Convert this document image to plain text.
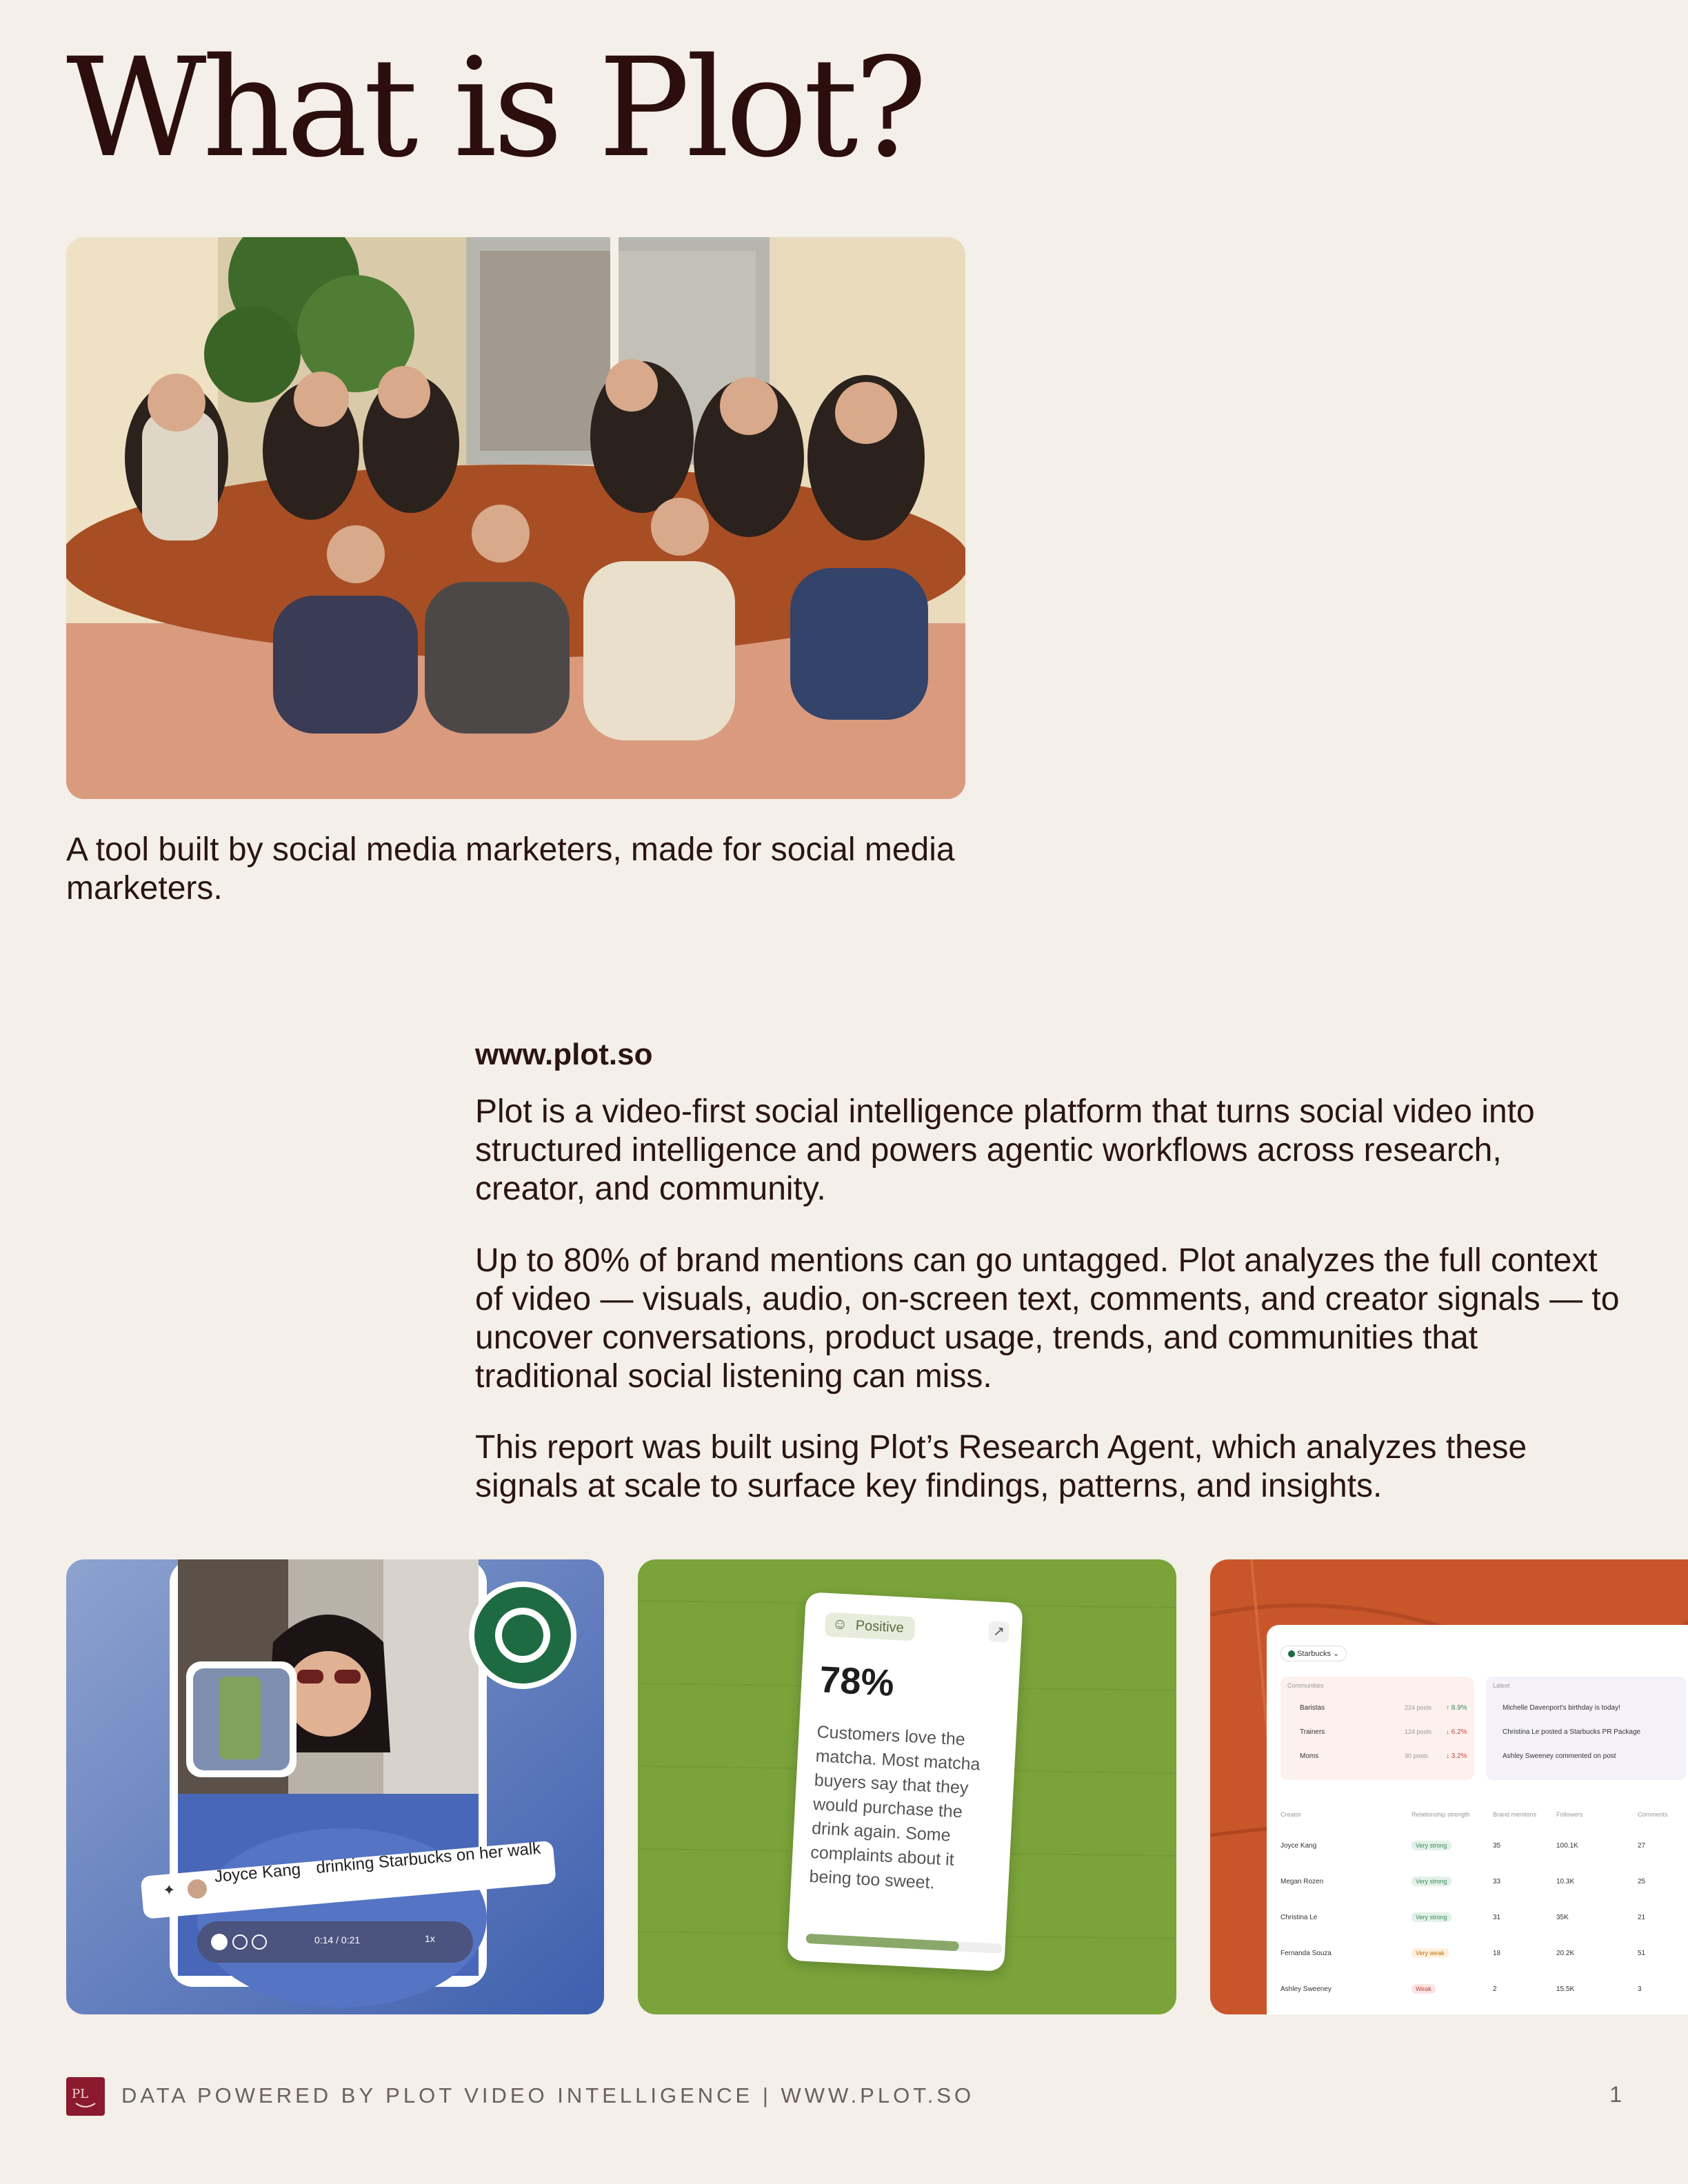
What is Plot?
A tool built by social media marketers, made for social media marketers.
www.plot.so

Plot is a video-first social intelligence platform that turns social video into structured intelligence and powers agentic workflows across research, creator, and community.

Up to 80% of brand mentions can go untagged. Plot analyzes the full context of video — visuals, audio, on-screen text, comments, and creator signals — to uncover conversations, product usage, trends, and communities that traditional social listening can miss.

This report was built using Plot’s Research Agent, which analyzes these signals at scale to surface key findings, patterns, and insights.

✦
Joyce Kang drinking Starbucks on her walk
0:14 / 0:21	1x
Positive
☺	↗
78%
Customers love the matcha. Most matcha buyers say that they would purchase the drink again. Some complaints about it being too sweet.
Starbucks ⌄
Communities
Baristas	224 posts ↑ 8.9%
Trainers	124 posts ↓ 6.2%
Moms	30 posts	↓ 3.2%
Latest
Michelle Davenport's birthday is today!
Christina Le posted a Starbucks PR Package
Ashley Sweeney commented on post
Creator	Relationship strength	Brand mentions	Followers	Comments
Joyce Kang	Very strong	35	100.1K	27
Megan Rozen	Very strong	33	10.3K	25
Christina Le	Very strong	31	35K	21
Fernanda Souza	Very weak	18	20.2K	51
Ashley Sweeney	Weak	2	15.5K	3
PL DATA POWERED BY PLOT VIDEO INTELLIGENCE | WWW.PLOT.SO	1
